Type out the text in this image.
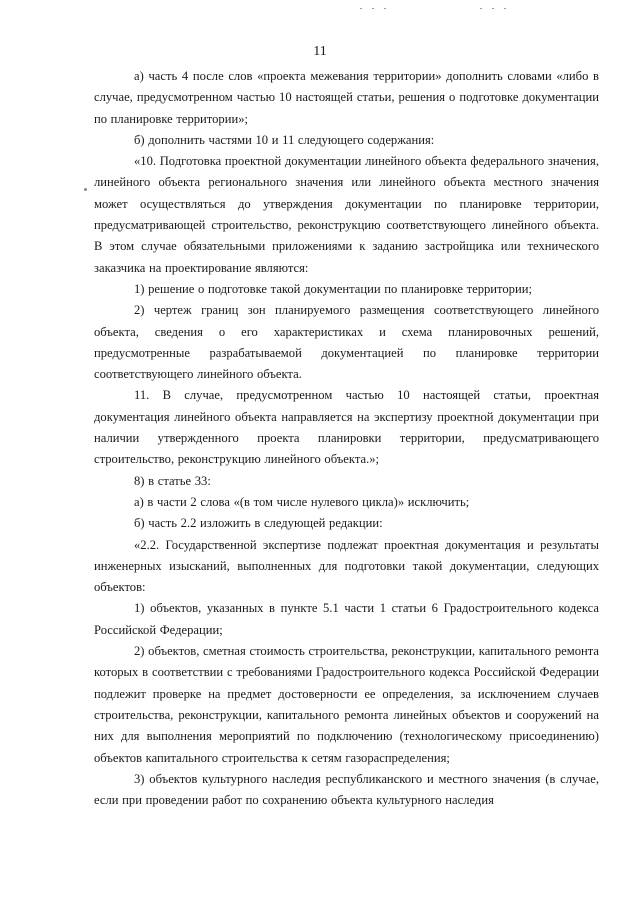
11

а) часть 4 после слов «проекта межевания территории» дополнить словами «либо в случае, предусмотренном частью 10 настоящей статьи, решения о подготовке документации по планировке территории»;

б) дополнить частями 10 и 11 следующего содержания:

«10. Подготовка проектной документации линейного объекта федерального значения, линейного объекта регионального значения или линейного объекта местного значения может осуществляться до утверждения документации по планировке территории, предусматривающей строительство, реконструкцию соответствующего линейного объекта. В этом случае обязательными приложениями к заданию застройщика или технического заказчика на проектирование являются:

1) решение о подготовке такой документации по планировке территории;

2) чертеж границ зон планируемого размещения соответствующего линейного объекта, сведения о его характеристиках и схема планировочных решений, предусмотренные разрабатываемой документацией по планировке территории соответствующего линейного объекта.

11. В случае, предусмотренном частью 10 настоящей статьи, проектная документация линейного объекта направляется на экспертизу проектной документации при наличии утвержденного проекта планировки территории, предусматривающего строительство, реконструкцию линейного объекта.»;

8) в статье 33:

а) в части 2 слова «(в том числе нулевого цикла)» исключить;

б) часть 2.2 изложить в следующей редакции:

«2.2. Государственной экспертизе подлежат проектная документация и результаты инженерных изысканий, выполненных для подготовки такой документации, следующих объектов:

1) объектов, указанных в пункте 5.1 части 1 статьи 6 Градостроительного кодекса Российской Федерации;

2) объектов, сметная стоимость строительства, реконструкции, капитального ремонта которых в соответствии с требованиями Градостроительного кодекса Российской Федерации подлежит проверке на предмет достоверности ее определения, за исключением случаев строительства, реконструкции, капитального ремонта линейных объектов и сооружений на них для выполнения мероприятий по подключению (технологическому присоединению) объектов капитального строительства к сетям газораспределения;

3) объектов культурного наследия республиканского и местного значения (в случае, если при проведении работ по сохранению объекта культурного наследия
